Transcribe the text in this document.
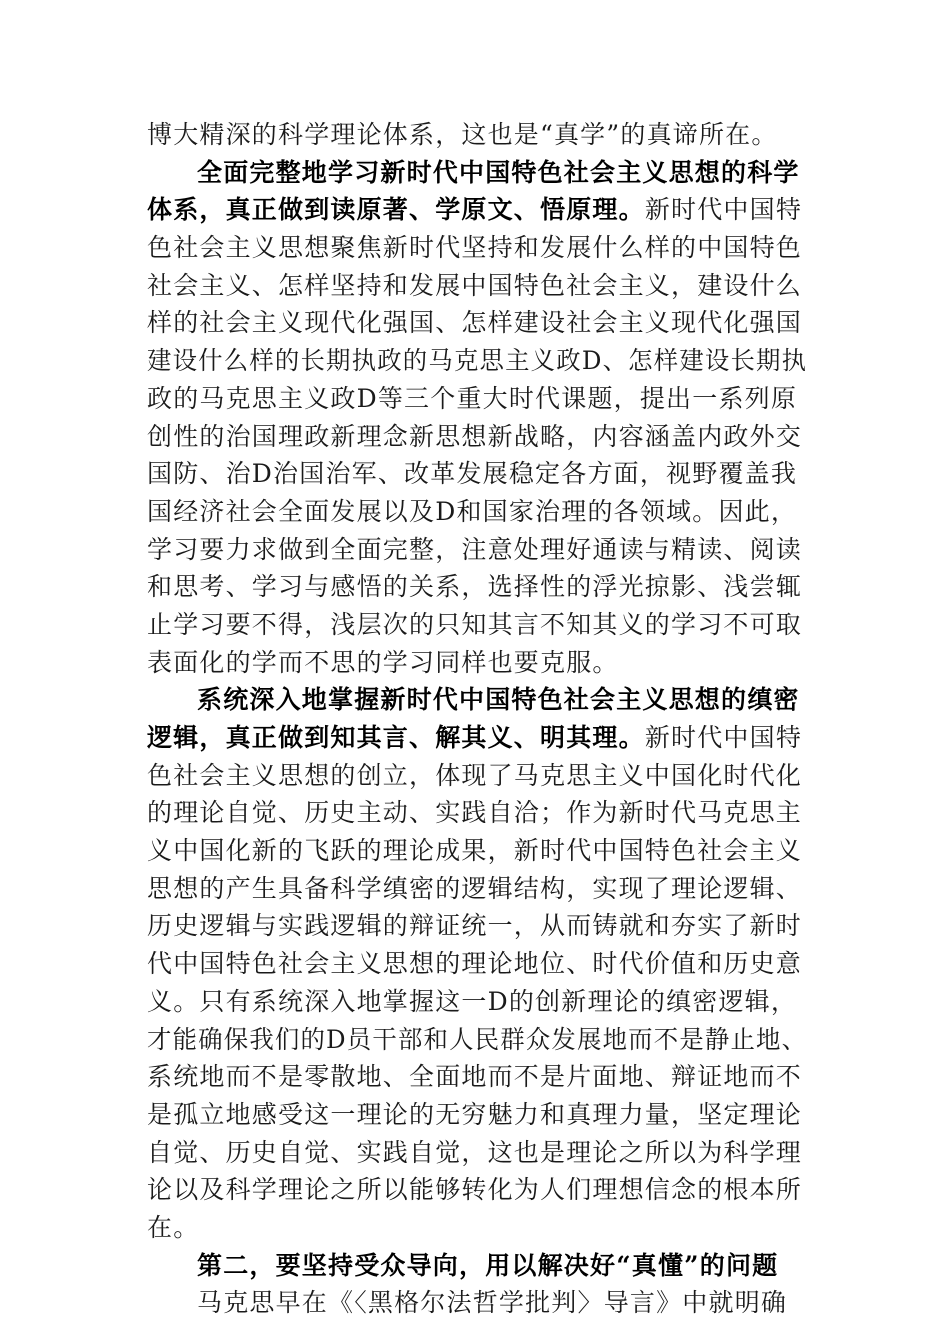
博大精深的科学理论体系，这也是“真学”的真谛所在。
全面完整地学习新时代中国特色社会主义思想的科学
体系，真正做到读原著、学原文、悟原理。新时代中国特
色社会主义思想聚焦新时代坚持和发展什么样的中国特色
社会主义、怎样坚持和发展中国特色社会主义，建设什么
样的社会主义现代化强国、怎样建设社会主义现代化强国
建设什么样的长期执政的马克思主义政D、怎样建设长期执
政的马克思主义政D等三个重大时代课题，提出一系列原
创性的治国理政新理念新思想新战略，内容涵盖内政外交
国防、治D治国治军、改革发展稳定各方面，视野覆盖我
国经济社会全面发展以及D和国家治理的各领域。因此，
学习要力求做到全面完整，注意处理好通读与精读、阅读
和思考、学习与感悟的关系，选择性的浮光掠影、浅尝辄
止学习要不得，浅层次的只知其言不知其义的学习不可取
表面化的学而不思的学习同样也要克服。
系统深入地掌握新时代中国特色社会主义思想的缜密
逻辑，真正做到知其言、解其义、明其理。新时代中国特
色社会主义思想的创立，体现了马克思主义中国化时代化
的理论自觉、历史主动、实践自洽；作为新时代马克思主
义中国化新的飞跃的理论成果，新时代中国特色社会主义
思想的产生具备科学缜密的逻辑结构，实现了理论逻辑、
历史逻辑与实践逻辑的辩证统一，从而铸就和夯实了新时
代中国特色社会主义思想的理论地位、时代价值和历史意
义。只有系统深入地掌握这一D的创新理论的缜密逻辑，
才能确保我们的D员干部和人民群众发展地而不是静止地、
系统地而不是零散地、全面地而不是片面地、辩证地而不
是孤立地感受这一理论的无穷魅力和真理力量，坚定理论
自觉、历史自觉、实践自觉，这也是理论之所以为科学理
论以及科学理论之所以能够转化为人们理想信念的根本所
在。
第二，要坚持受众导向，用以解决好“真懂”的问题
马克思早在《〈黑格尔法哲学批判〉导言》中就明确
